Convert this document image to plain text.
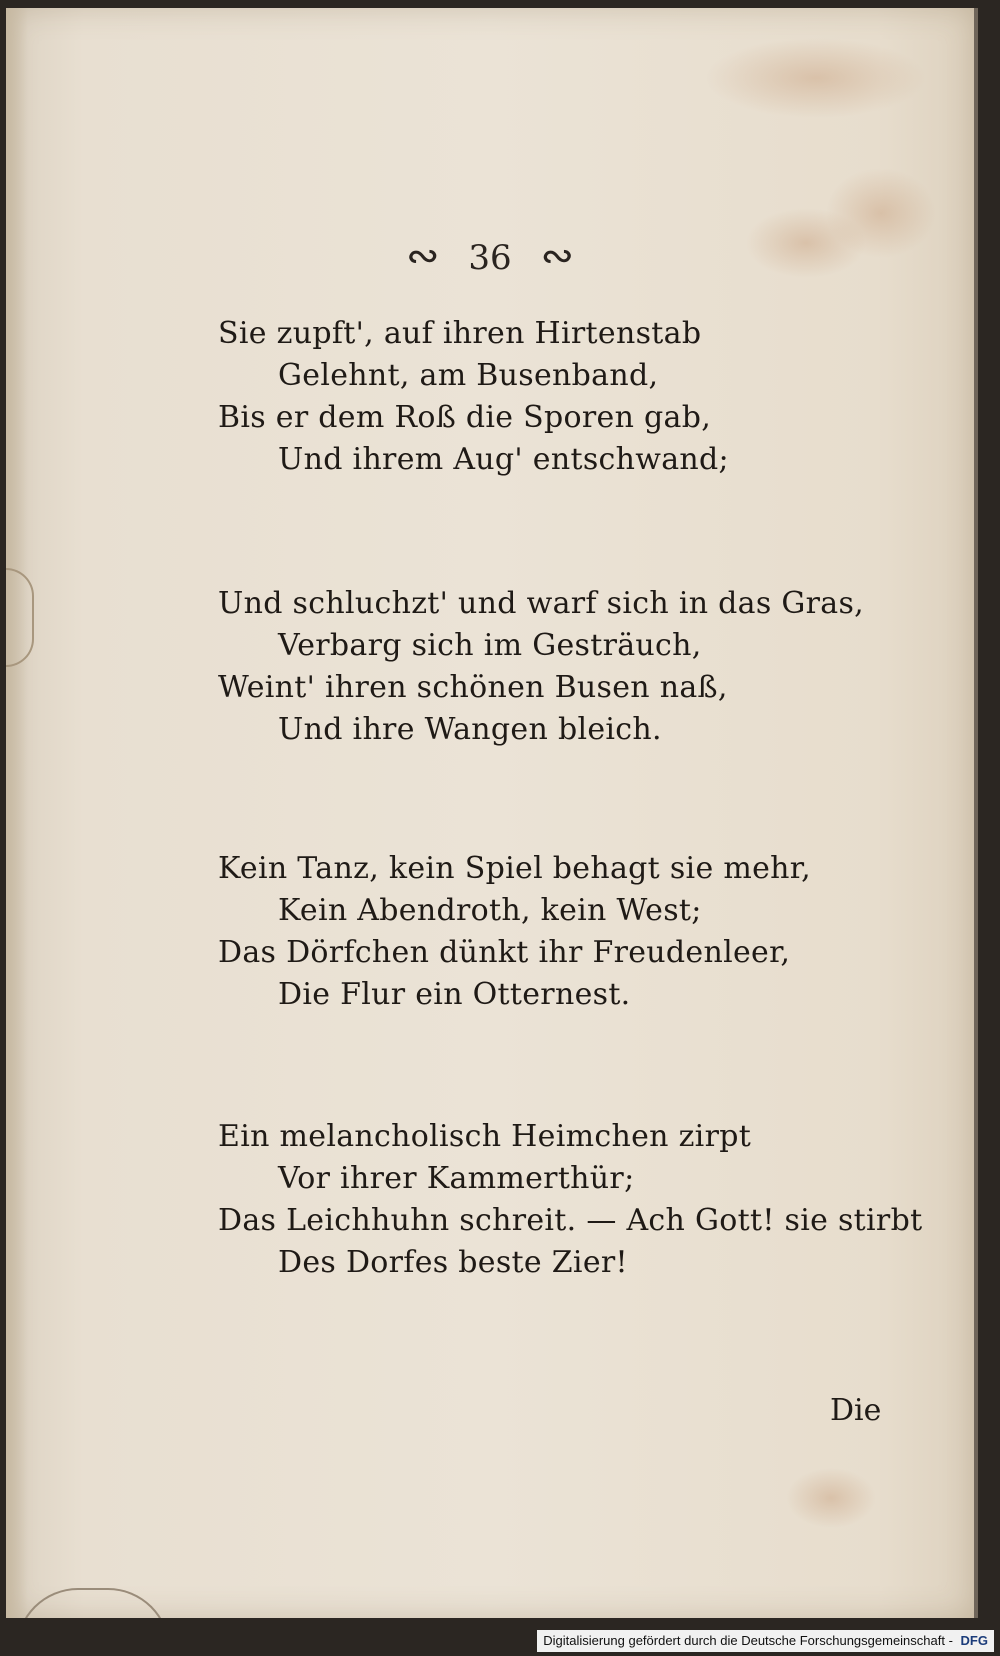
∾ 36 ∾
Sie zupft', auf ihren Hirtenstab
Gelehnt, am Busenband,
Bis er dem Roß die Sporen gab,
Und ihrem Aug' entschwand;
Und schluchzt' und warf sich in das Gras,
Verbarg sich im Gesträuch,
Weint' ihren schönen Busen naß,
Und ihre Wangen bleich.
Kein Tanz, kein Spiel behagt sie mehr,
Kein Abendroth, kein West;
Das Dörfchen dünkt ihr Freudenleer,
Die Flur ein Otternest.
Ein melancholisch Heimchen zirpt
Vor ihrer Kammerthür;
Das Leichhuhn schreit. — Ach Gott! sie stirbt
Des Dorfes beste Zier!
Die
Digitalisierung gefördert durch die Deutsche Forschungsgemeinschaft - DFG
